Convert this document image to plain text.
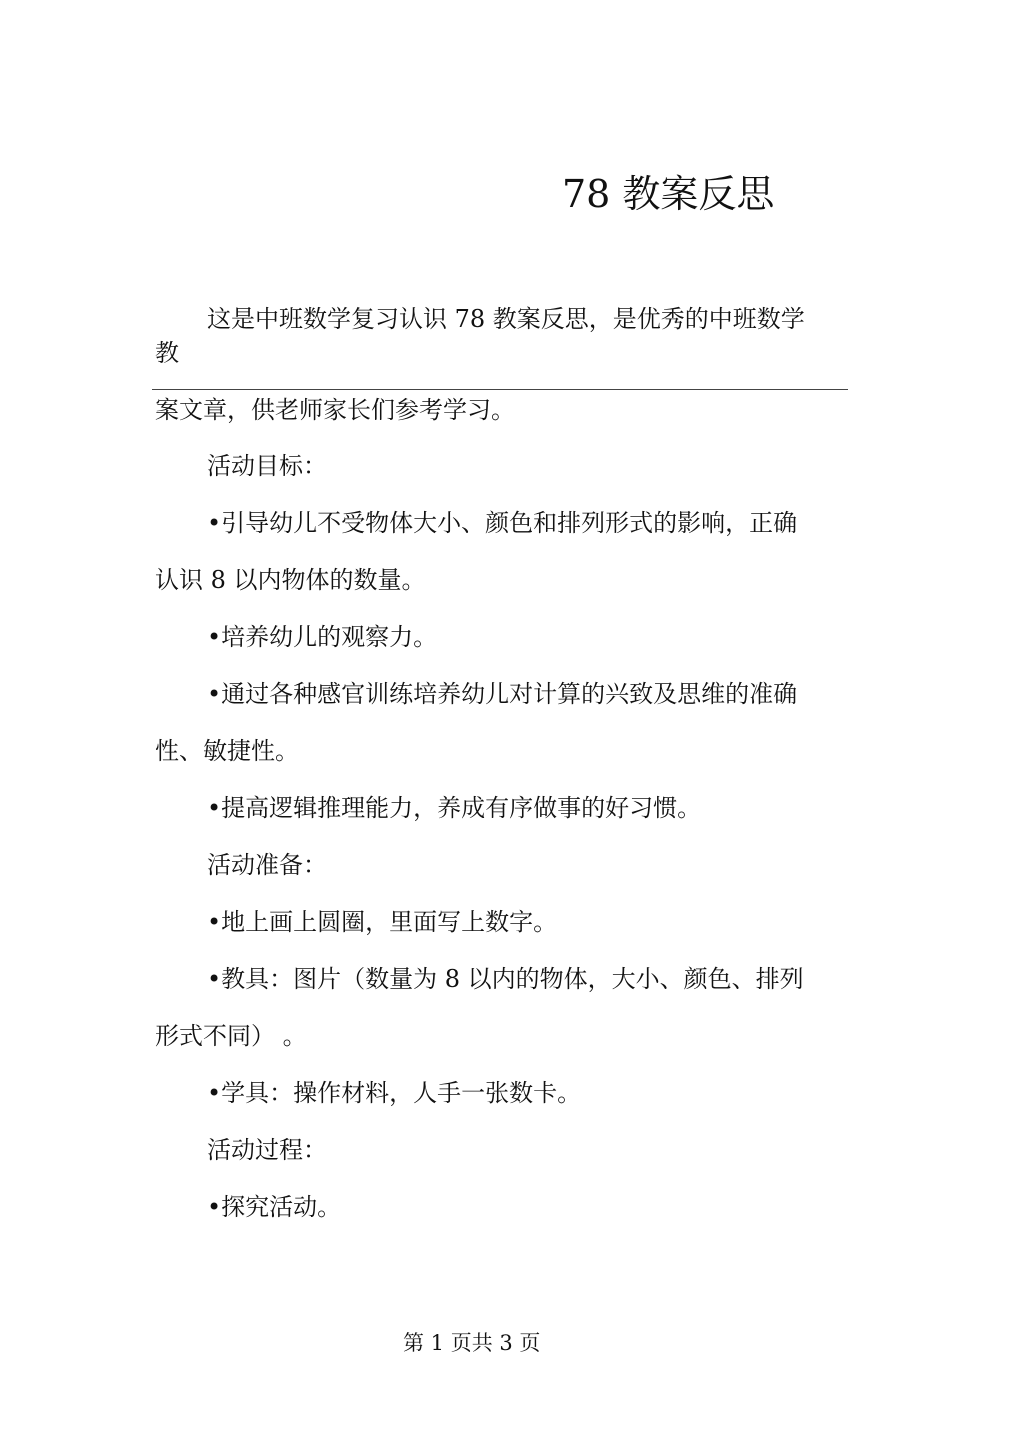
78 教案反思
这是中班数学复习认识 78 教案反思，是优秀的中班数学
教
案文章，供老师家长们参考学习。
活动目标：
•引导幼儿不受物体大小、颜色和排列形式的影响，正确
认识 8 以内物体的数量。
•培养幼儿的观察力。
•通过各种感官训练培养幼儿对计算的兴致及思维的准确
性、敏捷性。
•提高逻辑推理能力，养成有序做事的好习惯。
活动准备：
•地上画上圆圈，里面写上数字。
•教具：图片（数量为 8 以内的物体，大小、颜色、排列
形式不同） 。
•学具：操作材料，人手一张数卡。
活动过程：
•探究活动。
第 1 页共 3 页
